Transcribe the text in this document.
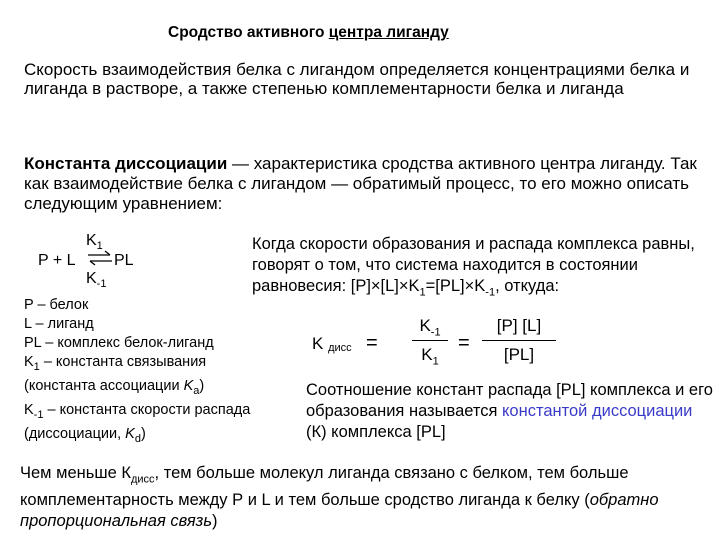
Сродство активного центра лиганду
Скорость взаимодействия белка с лигандом определяется концентрациями белка и лиганда в растворе, а также степенью комплементарности белка и лиганда
Константа диссоциации — характеристика сродства активного центра лиганду. Так как взаимодействие белка с лигандом — обратимый процесс, то его можно описать следующим уравнением:
$K_1$
P + L ⇌ PL
$K_{-1}$
P – белок
L – лиганд
PL – комплекс белок-лиганд
$K_1$ – константа связывания
(константа ассоциации $K_a$)
$K_{-1}$ – константа скорости распада
(диссоциации, $K_d$)
Когда скорости образования и распада комплекса равны, говорят о том, что система находится в состоянии равновесия: $[P]\times[L]\times K_1=[PL]\times K_{-1}$, откуда:
K дисс =
$K_{-1}$
$K_1$
=
[P] [L]
[PL]
Соотношение констант распада [PL] комплекса и его образования называется константой диссоциации (К) комплекса [PL]
Чем меньше $К_{дисс}$, тем больше молекул лиганда связано с белком, тем больше комплементарность между Р и L и тем больше сродство лиганда к белку (обратно пропорциональная связь)
